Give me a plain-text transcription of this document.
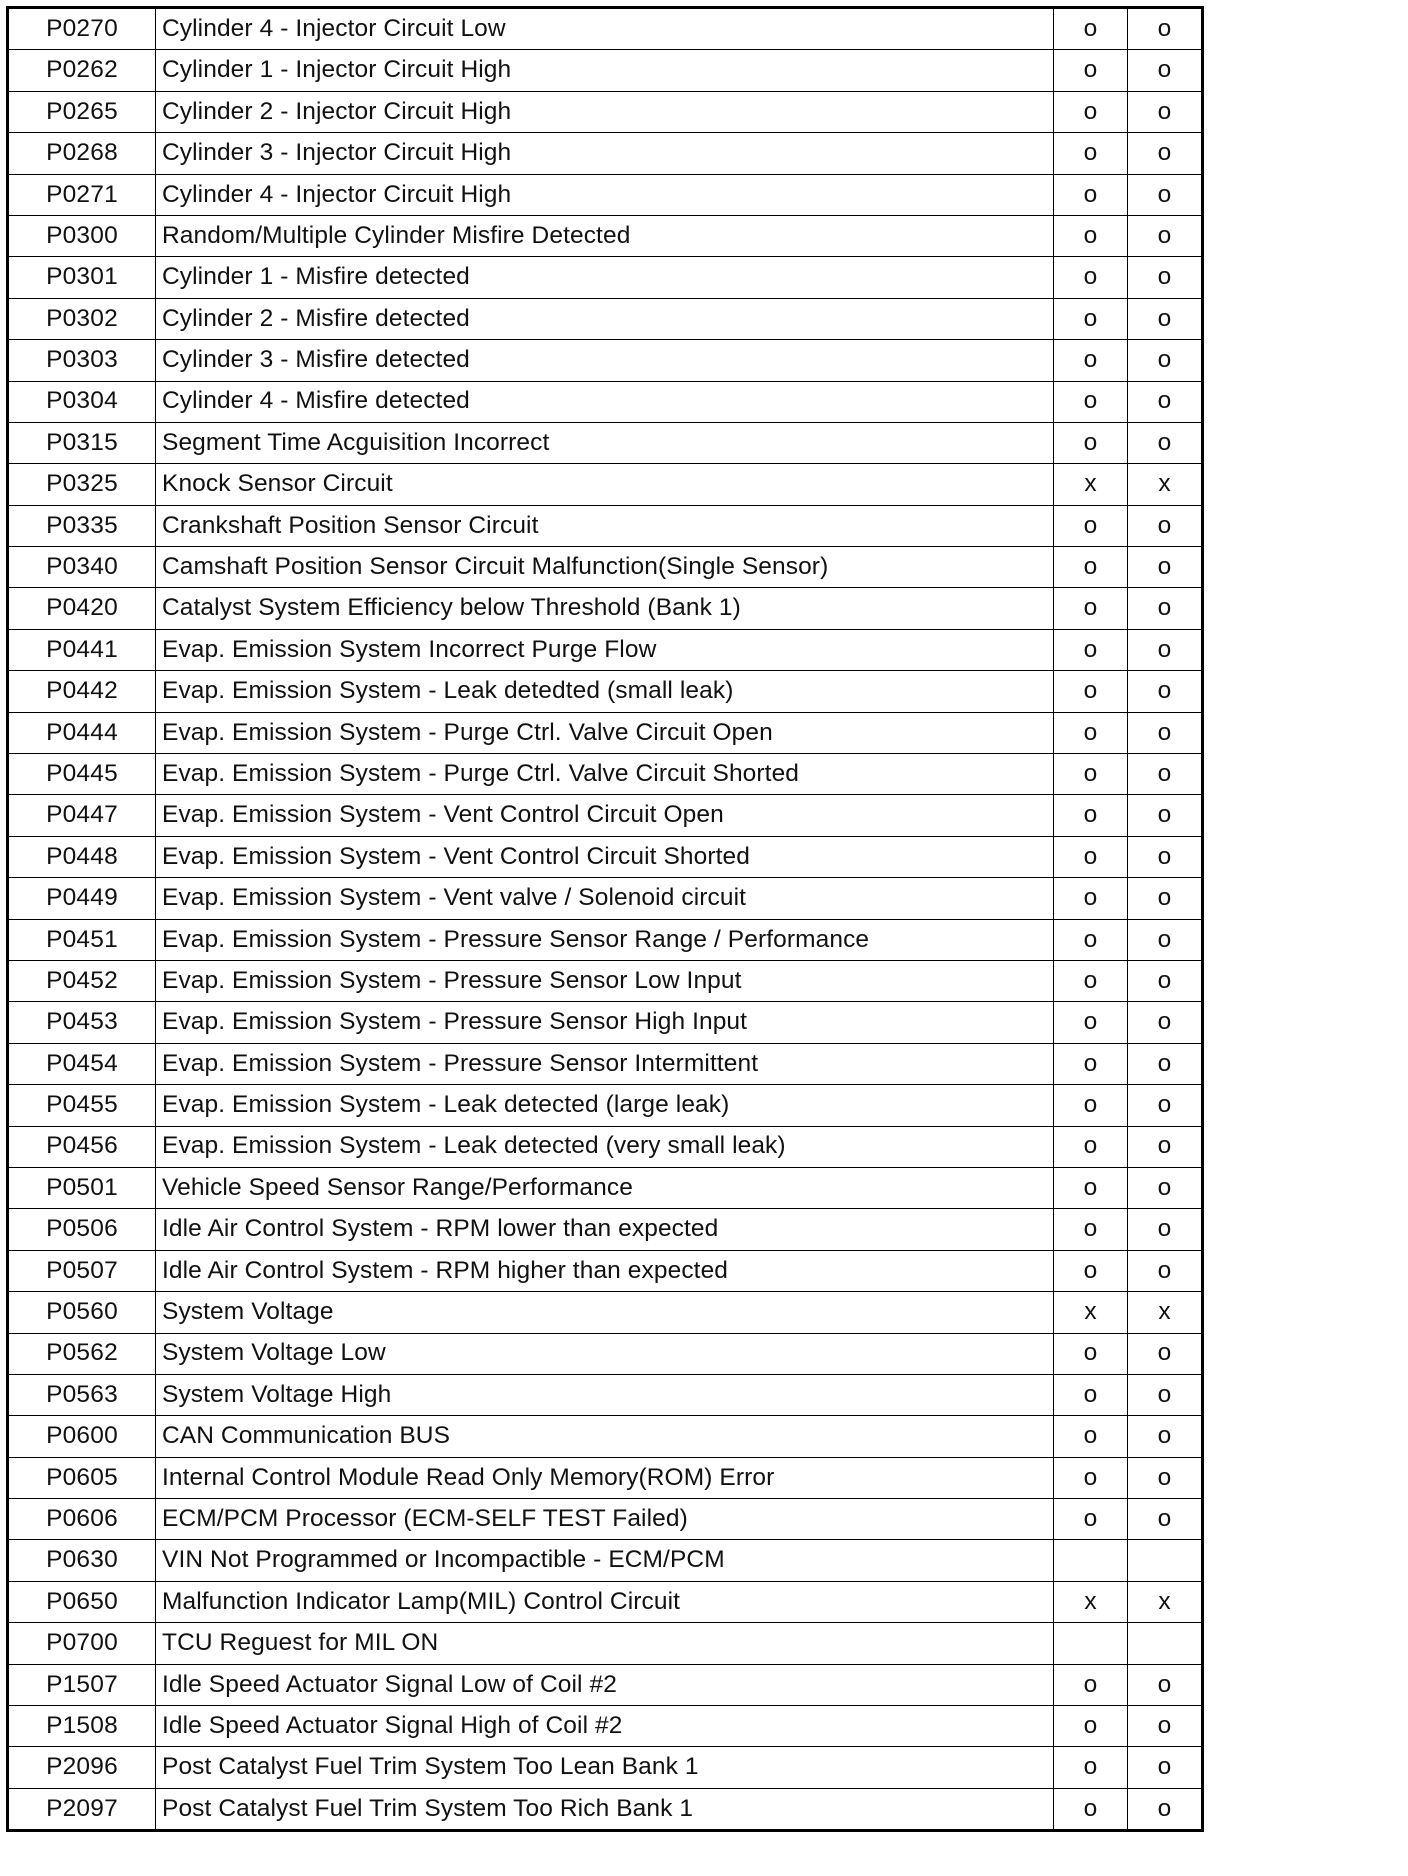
P0270	Cylinder 4 - Injector Circuit Low	o	o
P0262	Cylinder 1 - Injector Circuit High	o	o
P0265	Cylinder 2 - Injector Circuit High	o	o
P0268	Cylinder 3 - Injector Circuit High	o	o
P0271	Cylinder 4 - Injector Circuit High	o	o
P0300	Random/Multiple Cylinder Misfire Detected	o	o
P0301	Cylinder 1 - Misfire detected	o	o
P0302	Cylinder 2 - Misfire detected	o	o
P0303	Cylinder 3 - Misfire detected	o	o
P0304	Cylinder 4 - Misfire detected	o	o
P0315	Segment Time Acguisition Incorrect	o	o
P0325	Knock Sensor Circuit	x	x
P0335	Crankshaft Position Sensor Circuit	o	o
P0340	Camshaft Position Sensor Circuit Malfunction(Single Sensor)	o	o
P0420	Catalyst System Efficiency below Threshold (Bank 1)	o	o
P0441	Evap. Emission System Incorrect Purge Flow	o	o
P0442	Evap. Emission System - Leak detedted (small leak)	o	o
P0444	Evap. Emission System - Purge Ctrl. Valve Circuit Open	o	o
P0445	Evap. Emission System - Purge Ctrl. Valve Circuit Shorted	o	o
P0447	Evap. Emission System - Vent Control Circuit Open	o	o
P0448	Evap. Emission System - Vent Control Circuit Shorted	o	o
P0449	Evap. Emission System - Vent valve / Solenoid circuit	o	o
P0451	Evap. Emission System - Pressure Sensor Range / Performance	o	o
P0452	Evap. Emission System - Pressure Sensor Low Input	o	o
P0453	Evap. Emission System - Pressure Sensor High Input	o	o
P0454	Evap. Emission System - Pressure Sensor Intermittent	o	o
P0455	Evap. Emission System - Leak detected (large leak)	o	o
P0456	Evap. Emission System - Leak detected (very small leak)	o	o
P0501	Vehicle Speed Sensor Range/Performance	o	o
P0506	Idle Air Control System - RPM lower than expected	o	o
P0507	Idle Air Control System - RPM higher than expected	o	o
P0560	System Voltage	x	x
P0562	System Voltage Low	o	o
P0563	System Voltage High	o	o
P0600	CAN Communication BUS	o	o
P0605	Internal Control Module Read Only Memory(ROM) Error	o	o
P0606	ECM/PCM Processor (ECM-SELF TEST Failed)	o	o
P0630	VIN Not Programmed or Incompactible - ECM/PCM		
P0650	Malfunction Indicator Lamp(MIL) Control Circuit	x	x
P0700	TCU Reguest for MIL ON		
P1507	Idle Speed Actuator Signal Low of Coil #2	o	o
P1508	Idle Speed Actuator Signal High of Coil #2	o	o
P2096	Post Catalyst Fuel Trim System Too Lean Bank 1	o	o
P2097	Post Catalyst Fuel Trim System Too Rich Bank 1	o	o
